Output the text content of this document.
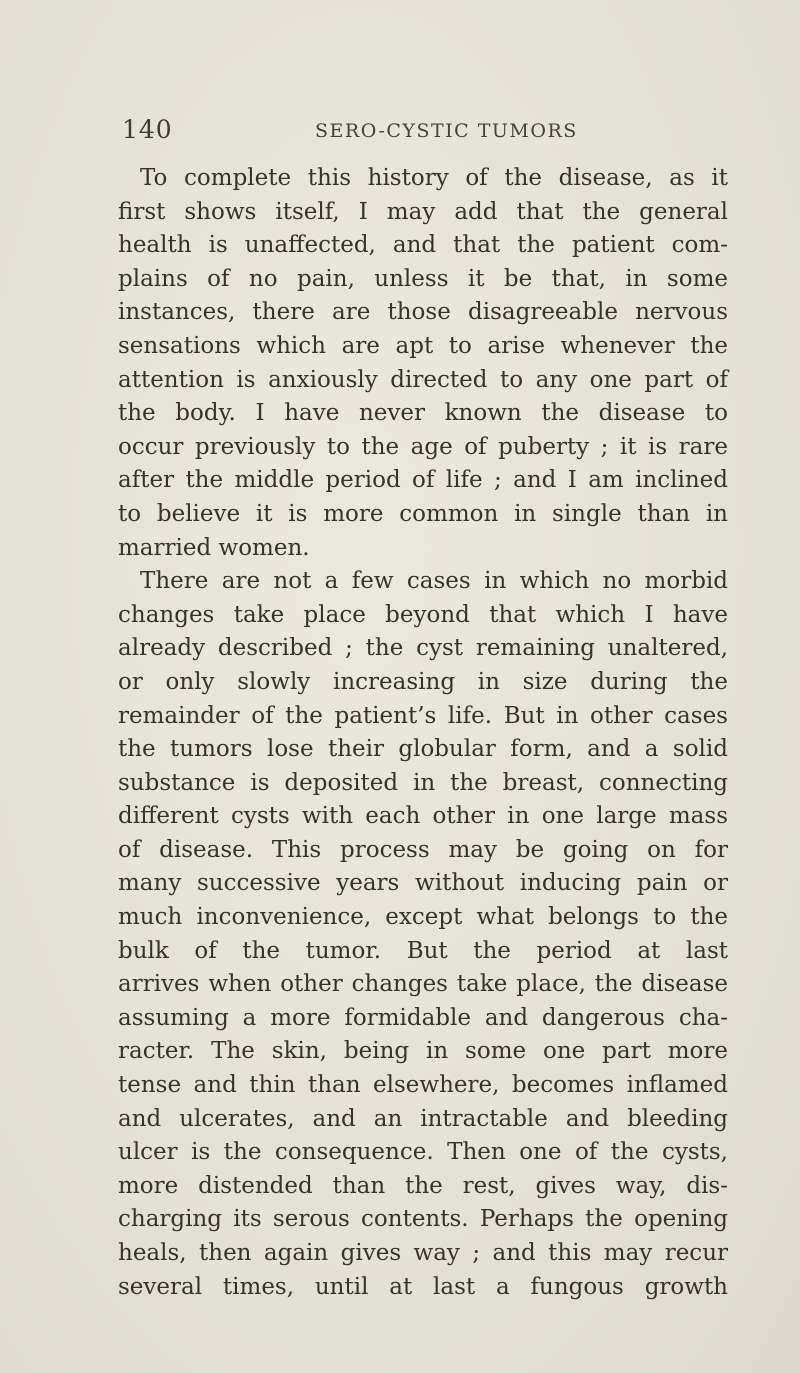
140	SERO-CYSTIC TUMORS

To complete this history of the disease, as it
first shows itself, I may add that the general
health is unaffected, and that the patient com-
plains of no pain, unless it be that, in some
instances, there are those disagreeable nervous
sensations which are apt to arise whenever the
attention is anxiously directed to any one part of
the body. I have never known the disease to
occur previously to the age of puberty ; it is rare
after the middle period of life ; and I am inclined
to believe it is more common in single than in
married women.

There are not a few cases in which no morbid
changes take place beyond that which I have
already described ; the cyst remaining unaltered,
or only slowly increasing in size during the
remainder of the patient’s life. But in other cases
the tumors lose their globular form, and a solid
substance is deposited in the breast, connecting
different cysts with each other in one large mass
of disease. This process may be going on for
many successive years without inducing pain or
much inconvenience, except what belongs to the
bulk of the tumor. But the period at last
arrives when other changes take place, the disease
assuming a more formidable and dangerous cha-
racter. The skin, being in some one part more
tense and thin than elsewhere, becomes inflamed
and ulcerates, and an intractable and bleeding
ulcer is the consequence. Then one of the cysts,
more distended than the rest, gives way, dis-
charging its serous contents. Perhaps the opening
heals, then again gives way ; and this may recur
several times, until at last a fungous growth
